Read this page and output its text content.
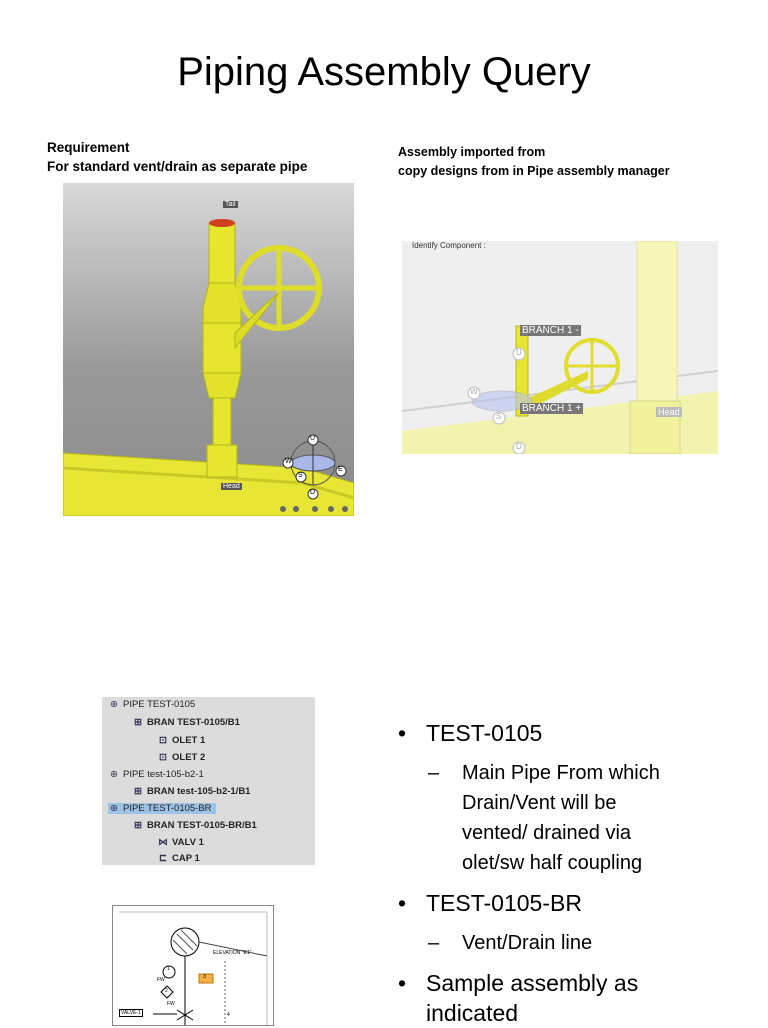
Piping Assembly Query
Requirement
For standard vent/drain as separate pipe
Assembly imported from
copy designs from in Pipe assembly manager
Tail
Head
U
W
S
E
D
Identify Component :
BRANCH 1 -
BRANCH 1 +	Head
U
W
S
D
⊕ PIPE TEST-0105
⊞ BRAN TEST-0105/B1
⊡ OLET 1
⊡ OLET 2
⊕ PIPE test-105-b2-1
⊞ BRAN test-105-b2-1/B1
⊕ PIPE TEST-0105-BR
⊞ BRAN TEST-0105-BR/B1
⋈ VALV 1
⊏ CAP 1
ELEVATION "E1"
1
FW
2
FW
VALVE-1
3
4
• TEST-0105
– Main Pipe From which
Drain/Vent will be
vented/ drained via
olet/sw half coupling
• TEST-0105-BR
– Vent/Drain line
• Sample assembly as
indicated
